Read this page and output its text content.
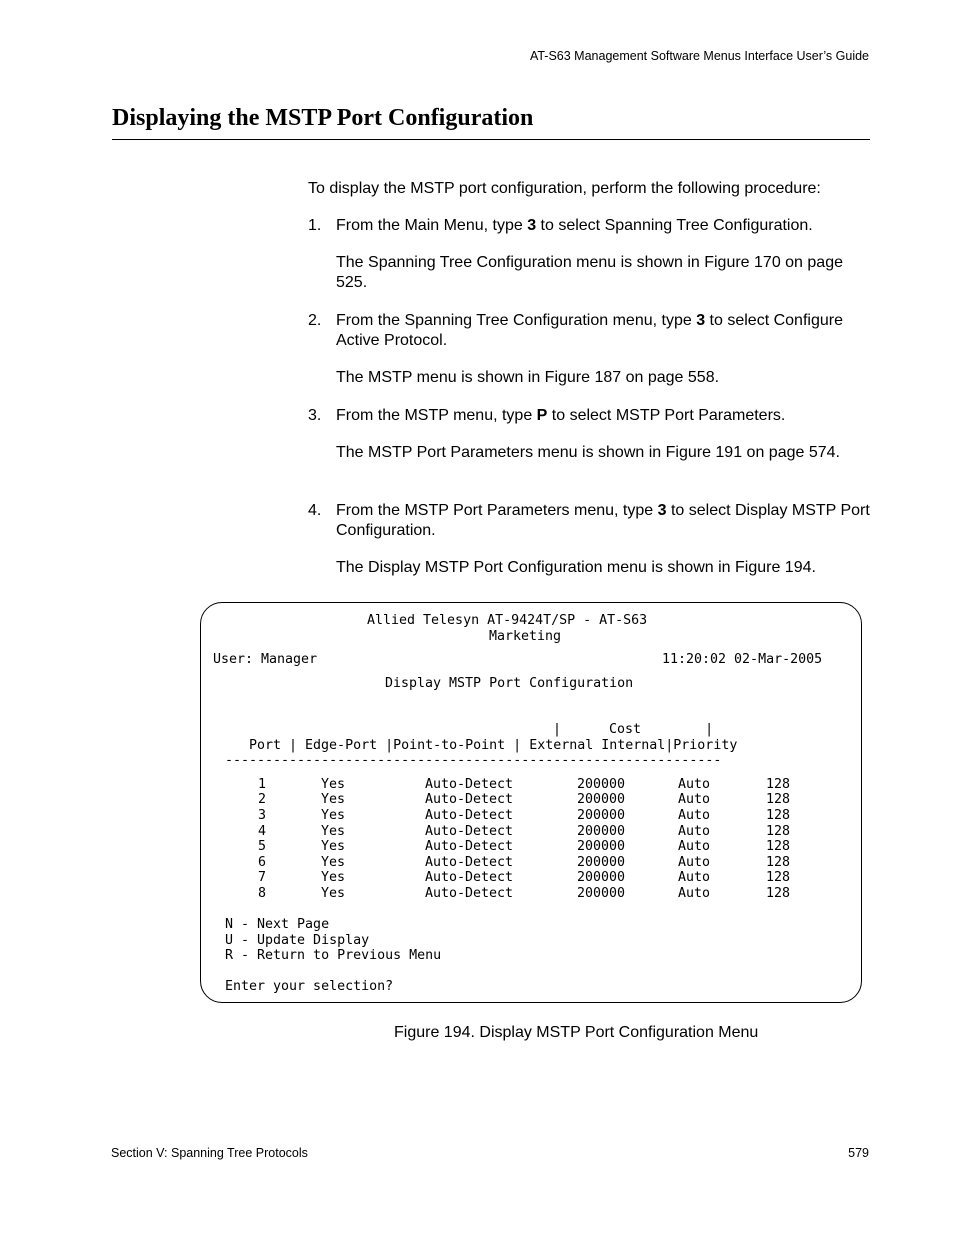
AT-S63 Management Software Menus Interface User’s Guide
Displaying the MSTP Port Configuration
To display the MSTP port configuration, perform the following procedure:
1. From the Main Menu, type 3 to select Spanning Tree Configuration.
The Spanning Tree Configuration menu is shown in Figure 170 on page 525.
2. From the Spanning Tree Configuration menu, type 3 to select Configure Active Protocol.
The MSTP menu is shown in Figure 187 on page 558.
3. From the MSTP menu, type P to select MSTP Port Parameters.
The MSTP Port Parameters menu is shown in Figure 191 on page 574.
4. From the MSTP Port Parameters menu, type 3 to select Display MSTP Port Configuration.
The Display MSTP Port Configuration menu is shown in Figure 194.
Allied Telesyn AT-9424T/SP - AT-S63
Marketing
User: Manager	11:20:02 02-Mar-2005
Display MSTP Port Configuration
|      Cost        |
Port | Edge-Port |Point-to-Point | External Internal|Priority
--------------------------------------------------------------
1	Yes	Auto-Detect	200000	Auto	128
2	Yes	Auto-Detect	200000	Auto	128
3	Yes	Auto-Detect	200000	Auto	128
4	Yes	Auto-Detect	200000	Auto	128
5	Yes	Auto-Detect	200000	Auto	128
6	Yes	Auto-Detect	200000	Auto	128
7	Yes	Auto-Detect	200000	Auto	128
8	Yes	Auto-Detect	200000	Auto	128
N - Next Page
U - Update Display
R - Return to Previous Menu
Enter your selection?
Figure 194. Display MSTP Port Configuration Menu
Section V: Spanning Tree Protocols	579
